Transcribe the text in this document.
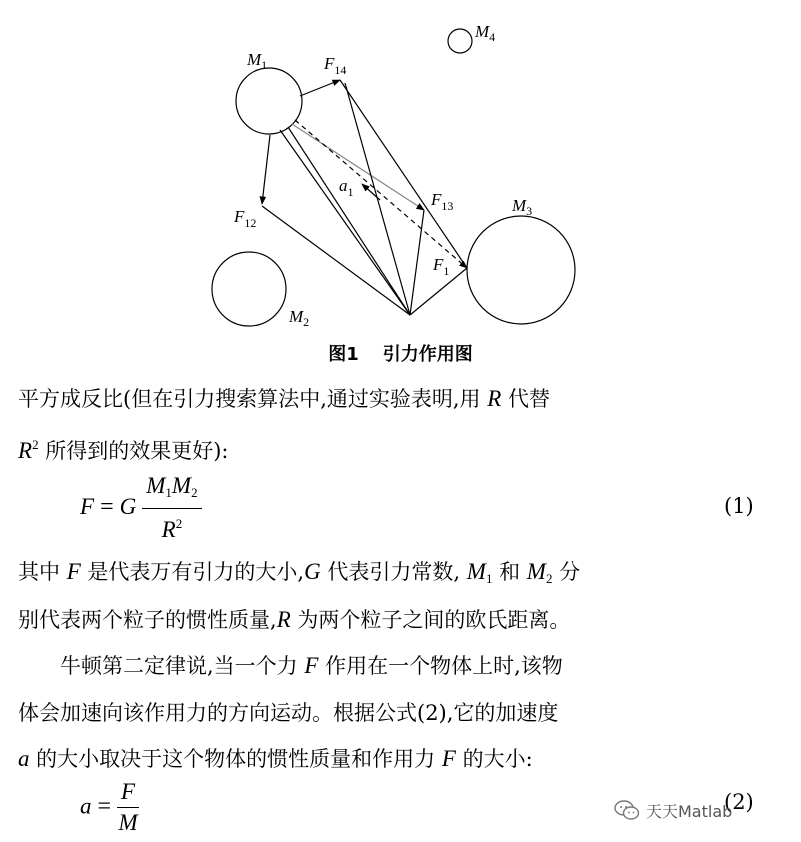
$M_1$
$M_2$
$M_3$
$M_4$
$F_{14}$
$F_{13}$
$F_{12}$
$F_1$
$a_1$
图1 引力作用图
平方成反比(但在引力搜索算法中,通过实验表明,用 R 代替
$R^2$ 所得到的效果更好):
F = G $\frac{M_1M_2}{R^2}$	(1)
其中 F 是代表万有引力的大小,G 代表引力常数, $M_1$ 和 $M_2$ 分
别代表两个粒子的惯性质量,R 为两个粒子之间的欧氏距离。
牛顿第二定律说,当一个力 F 作用在一个物体上时,该物
体会加速向该作用力的方向运动。根据公式(2),它的加速度
a 的大小取决于这个物体的惯性质量和作用力 F 的大小:
$a = \frac{F}{M}$	(2)
天天Matlab
